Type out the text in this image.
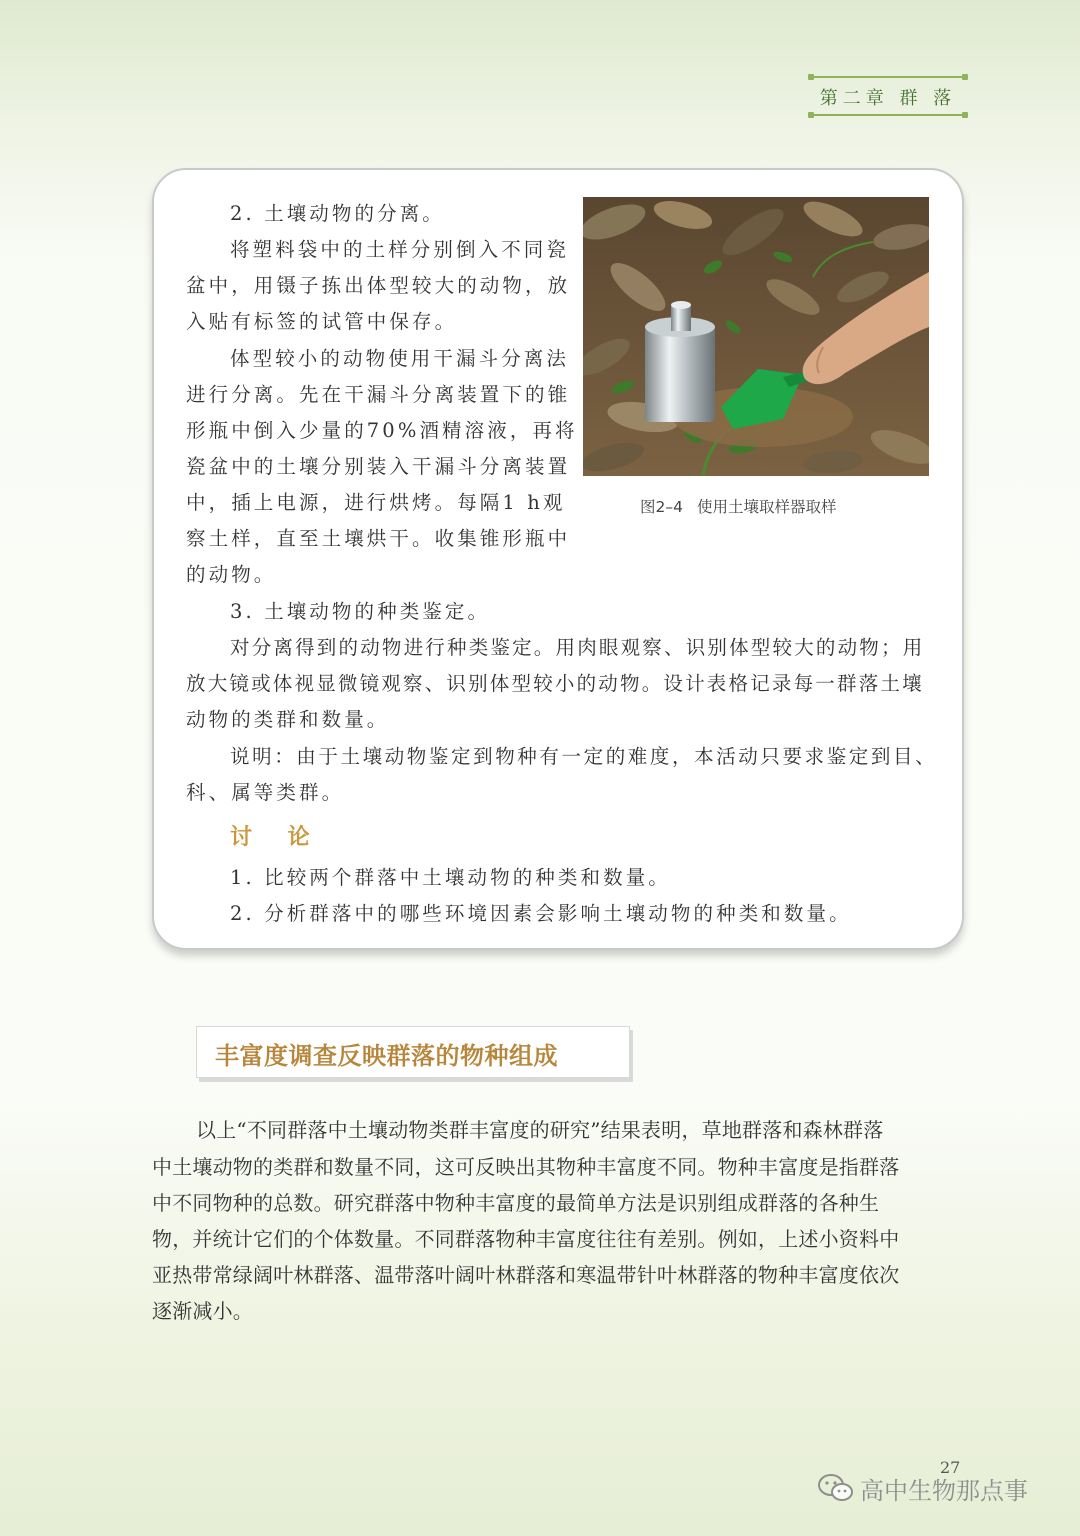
第二章 群 落
2. 土壤动物的分离。
将塑料袋中的土样分别倒入不同瓷
盆中，用镊子拣出体型较大的动物，放
入贴有标签的试管中保存。
体型较小的动物使用干漏斗分离法
进行分离。先在干漏斗分离装置下的锥
形瓶中倒入少量的70%酒精溶液，再将
瓷盆中的土壤分别装入干漏斗分离装置
中，插上电源，进行烘烤。每隔1 h观
察土样，直至土壤烘干。收集锥形瓶中
的动物。
3. 土壤动物的种类鉴定。
对分离得到的动物进行种类鉴定。用肉眼观察、识别体型较大的动物；用
放大镜或体视显微镜观察、识别体型较小的动物。设计表格记录每一群落土壤
动物的类群和数量。
说明：由于土壤动物鉴定到物种有一定的难度，本活动只要求鉴定到目、
科、属等类群。
图2–4 使用土壤取样器取样
讨 论
1. 比较两个群落中土壤动物的种类和数量。
2. 分析群落中的哪些环境因素会影响土壤动物的种类和数量。
丰富度调查反映群落的物种组成
以上“不同群落中土壤动物类群丰富度的研究”结果表明，草地群落和森林群落
中土壤动物的类群和数量不同，这可反映出其物种丰富度不同。物种丰富度是指群落
中不同物种的总数。研究群落中物种丰富度的最简单方法是识别组成群落的各种生
物，并统计它们的个体数量。不同群落物种丰富度往往有差别。例如，上述小资料中
亚热带常绿阔叶林群落、温带落叶阔叶林群落和寒温带针叶林群落的物种丰富度依次
逐渐减小。
27
高中生物那点事
